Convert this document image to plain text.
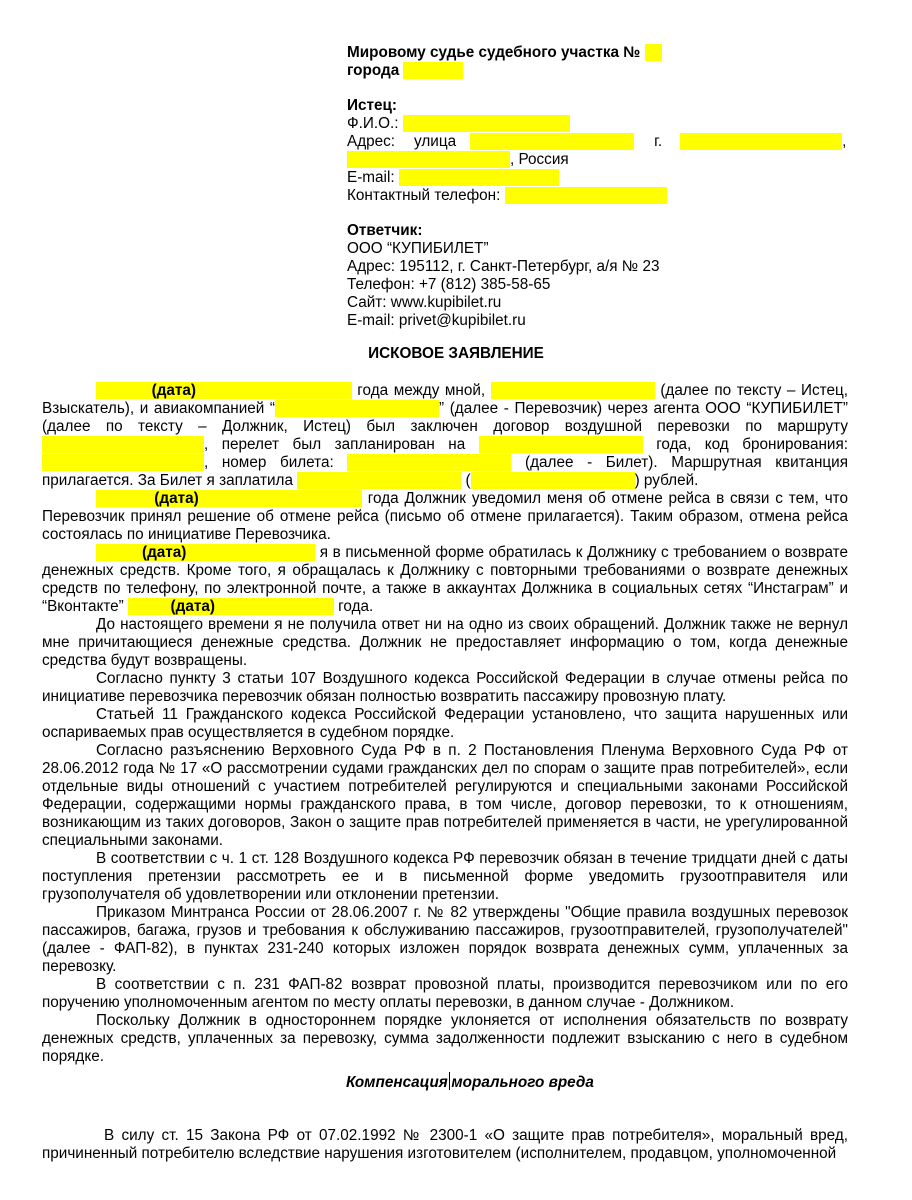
Мировому судье судебного участка №
города
Истец:
Ф.И.О.:
Адрес: улица	г.	,
, Россия
E-mail:
Контактный телефон:
Ответчик:
ООО “КУПИБИЛЕТ”
Адрес: 195112, г. Санкт-Петербург, а/я № 23
Телефон: +7 (812) 385-58-65
Сайт: www.kupibilet.ru
E-mail: privet@kupibilet.ru
ИСКОВОЕ ЗАЯВЛЕНИЕ
(дата)	года между мной,	(далее по тексту – Истец, Взыскатель), и авиакомпанией “	” (далее - Перевозчик) через агента ООО “КУПИБИЛЕТ” (далее по тексту – Должник, Истец) был заключен договор воздушной перевозки по маршруту , перелет был запланирован на	года, код бронирования: , номер билета:	(далее - Билет). Маршрутная квитанция прилагается. За Билет я заплатила	(	) рублей.
(дата)	года Должник уведомил меня об отмене рейса в связи с тем, что Перевозчик принял решение об отмене рейса (письмо об отмене прилагается). Таким образом, отмена рейса состоялась по инициативе Перевозчика.
(дата)	я в письменной форме обратилась к Должнику с требованием о возврате денежных средств. Кроме того, я обращалась к Должнику с повторными требованиями о возврате денежных средств по телефону, по электронной почте, а также в аккаунтах Должника в социальных сетях “Инстаграм” и “Вконтакте”	(дата)	года.
До настоящего времени я не получила ответ ни на одно из своих обращений. Должник также не вернул мне причитающиеся денежные средства. Должник не предоставляет информацию о том, когда денежные средства будут возвращены.
Согласно пункту 3 статьи 107 Воздушного кодекса Российской Федерации в случае отмены рейса по инициативе перевозчика перевозчик обязан полностью возвратить пассажиру провозную плату.
Статьей 11 Гражданского кодекса Российской Федерации установлено, что защита нарушенных или оспариваемых прав осуществляется в судебном порядке.
Согласно разъяснению Верховного Суда РФ в п. 2 Постановления Пленума Верховного Суда РФ от 28.06.2012 года № 17 «О рассмотрении судами гражданских дел по спорам о защите прав потребителей», если отдельные виды отношений с участием потребителей регулируются и специальными законами Российской Федерации, содержащими нормы гражданского права, в том числе, договор перевозки, то к отношениям, возникающим из таких договоров, Закон о защите прав потребителей применяется в части, не урегулированной специальными законами.
В соответствии с ч. 1 ст. 128 Воздушного кодекса РФ перевозчик обязан в течение тридцати дней с даты поступления претензии рассмотреть ее и в письменной форме уведомить грузоотправителя или грузополучателя об удовлетворении или отклонении претензии.
Приказом Минтранса России от 28.06.2007 г. № 82 утверждены "Общие правила воздушных перевозок пассажиров, багажа, грузов и требования к обслуживанию пассажиров, грузоотправителей, грузополучателей" (далее - ФАП-82), в пунктах 231-240 которых изложен порядок возврата денежных сумм, уплаченных за перевозку.
В соответствии с п. 231 ФАП-82 возврат провозной платы, производится перевозчиком или по его поручению уполномоченным агентом по месту оплаты перевозки, в данном случае - Должником.
Поскольку Должник в одностороннем порядке уклоняется от исполнения обязательств по возврату денежных средств, уплаченных за перевозку, сумма задолженности подлежит взысканию с него в судебном порядке.
Компенсация морального вреда
В силу ст. 15 Закона РФ от 07.02.1992 № 2300-1 «О защите прав потребителя», моральный вред, причиненный потребителю вследствие нарушения изготовителем (исполнителем, продавцом, уполномоченной
